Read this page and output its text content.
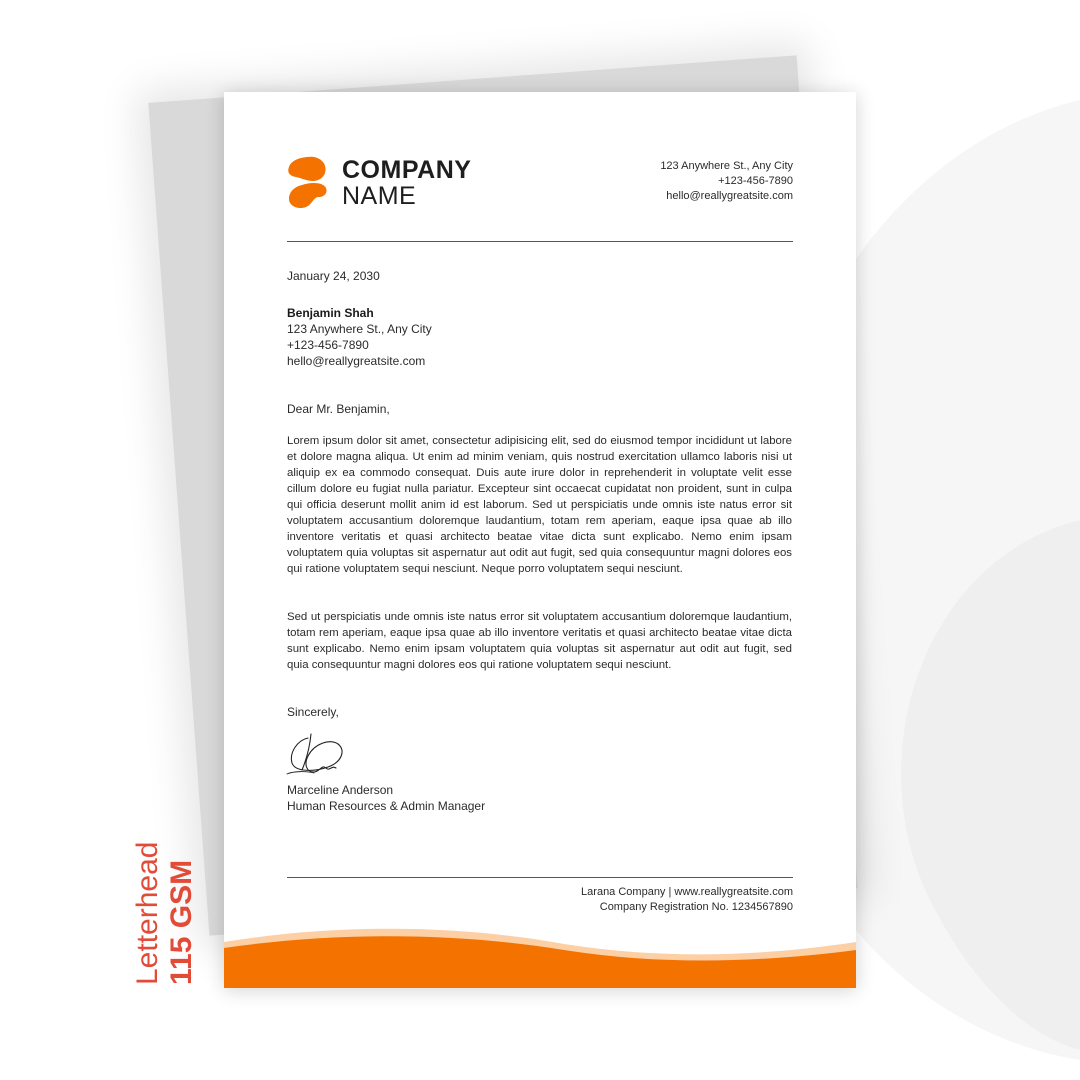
COMPANY
NAME
123 Anywhere St., Any City
+123-456-7890
hello@reallygreatsite.com
January 24, 2030
Benjamin Shah
123 Anywhere St., Any City
+123-456-7890
hello@reallygreatsite.com
Dear Mr. Benjamin,

Lorem ipsum dolor sit amet, consectetur adipisicing elit, sed do eiusmod tempor incididunt ut labore et dolore magna aliqua. Ut enim ad minim veniam, quis nostrud exercitation ullamco laboris nisi ut aliquip ex ea commodo consequat. Duis aute irure dolor in reprehenderit in voluptate velit esse cillum dolore eu fugiat nulla pariatur. Excepteur sint occaecat cupidatat non proident, sunt in culpa qui officia deserunt mollit anim id est laborum. Sed ut perspiciatis unde omnis iste natus error sit voluptatem accusantium doloremque laudantium, totam rem aperiam, eaque ipsa quae ab illo inventore veritatis et quasi architecto beatae vitae dicta sunt explicabo. Nemo enim ipsam voluptatem quia voluptas sit aspernatur aut odit aut fugit, sed quia consequuntur magni dolores eos qui ratione voluptatem sequi nesciunt. Neque porro voluptatem sequi nesciunt.

Sed ut perspiciatis unde omnis iste natus error sit voluptatem accusantium doloremque laudantium, totam rem aperiam, eaque ipsa quae ab illo inventore veritatis et quasi architecto beatae vitae dicta sunt explicabo. Nemo enim ipsam voluptatem quia voluptas sit aspernatur aut odit aut fugit, sed quia consequuntur magni dolores eos qui ratione voluptatem sequi nesciunt.

Sincerely,
Marceline Anderson
Human Resources & Admin Manager
Larana Company | www.reallygreatsite.com
Company Registration No. 1234567890
Letterhead 115 GSM
